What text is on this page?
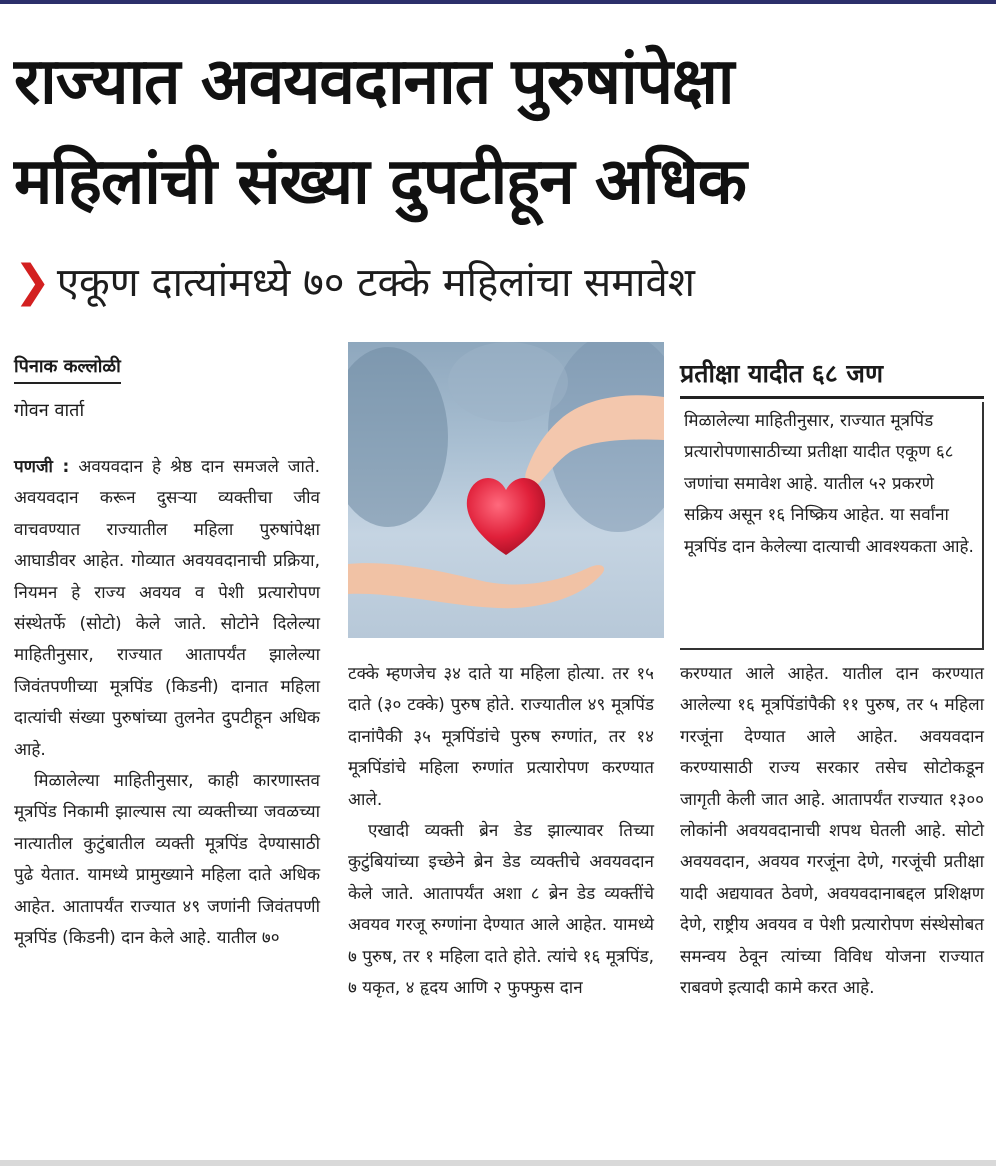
राज्यात अवयवदानात पुरुषांपेक्षा
महिलांची संख्या दुपटीहून अधिक
❯ एकूण दात्यांमध्ये ७० टक्के महिलांचा समावेश
पिनाक कल्लोळी
गोवन वार्ता

पणजी : अवयवदान हे श्रेष्ठ दान समजले जाते. अवयवदान करून दुसऱ्या व्यक्तीचा जीव वाचवण्यात राज्यातील महिला पुरुषांपेक्षा आघाडीवर आहेत. गोव्यात अवयवदानाची प्रक्रिया, नियमन हे राज्य अवयव व पेशी प्रत्यारोपण संस्थेतर्फे (सोटो) केले जाते. सोटोने दिलेल्या माहितीनुसार, राज्यात आतापर्यंत झालेल्या जिवंतपणीच्या मूत्रपिंड (किडनी) दानात महिला दात्यांची संख्या पुरुषांच्या तुलनेत दुपटीहून अधिक आहे.

मिळालेल्या माहितीनुसार, काही कारणास्तव मूत्रपिंड निकामी झाल्यास त्या व्यक्तीच्या जवळच्या नात्यातील कुटुंबातील व्यक्ती मूत्रपिंड देण्यासाठी पुढे येतात. यामध्ये प्रामुख्याने महिला दाते अधिक आहेत. आतापर्यंत राज्यात ४९ जणांनी जिवंतपणी मूत्रपिंड (किडनी) दान केले आहे. यातील ७०

प्रतीक्षा यादीत ६८ जण

मिळालेल्या माहितीनुसार, राज्यात मूत्रपिंड प्रत्यारोपणासाठीच्या प्रतीक्षा यादीत एकूण ६८ जणांचा समावेश आहे. यातील ५२ प्रकरणे सक्रिय असून १६ निष्क्रिय आहेत. या सर्वांना मूत्रपिंड दान केलेल्या दात्याची आवश्यकता आहे.

टक्के म्हणजेच ३४ दाते या महिला होत्या. तर १५ दाते (३० टक्के) पुरुष होते. राज्यातील ४९ मूत्रपिंड दानांपैकी ३५ मूत्रपिंडांचे पुरुष रुग्णांत, तर १४ मूत्रपिंडांचे महिला रुग्णांत प्रत्यारोपण करण्यात आले.

एखादी व्यक्ती ब्रेन डेड झाल्यावर तिच्या कुटुंबियांच्या इच्छेने ब्रेन डेड व्यक्तीचे अवयवदान केले जाते. आतापर्यंत अशा ८ ब्रेन डेड व्यक्तींचे अवयव गरजू रुग्णांना देण्यात आले आहेत. यामध्ये ७ पुरुष, तर १ महिला दाते होते. त्यांचे १६ मूत्रपिंड, ७ यकृत, ४ हृदय आणि २ फुफ्फुस दान

करण्यात आले आहेत. यातील दान करण्यात आलेल्या १६ मूत्रपिंडांपैकी ११ पुरुष, तर ५ महिला गरजूंना देण्यात आले आहेत. अवयवदान करण्यासाठी राज्य सरकार तसेच सोटोकडून जागृती केली जात आहे. आतापर्यंत राज्यात १३०० लोकांनी अवयवदानाची शपथ घेतली आहे. सोटो अवयवदान, अवयव गरजूंना देणे, गरजूंची प्रतीक्षा यादी अद्ययावत ठेवणे, अवयवदानाबद्दल प्रशिक्षण देणे, राष्ट्रीय अवयव व पेशी प्रत्यारोपण संस्थेसोबत समन्वय ठेवून त्यांच्या विविध योजना राज्यात राबवणे इत्यादी कामे करत आहे.
